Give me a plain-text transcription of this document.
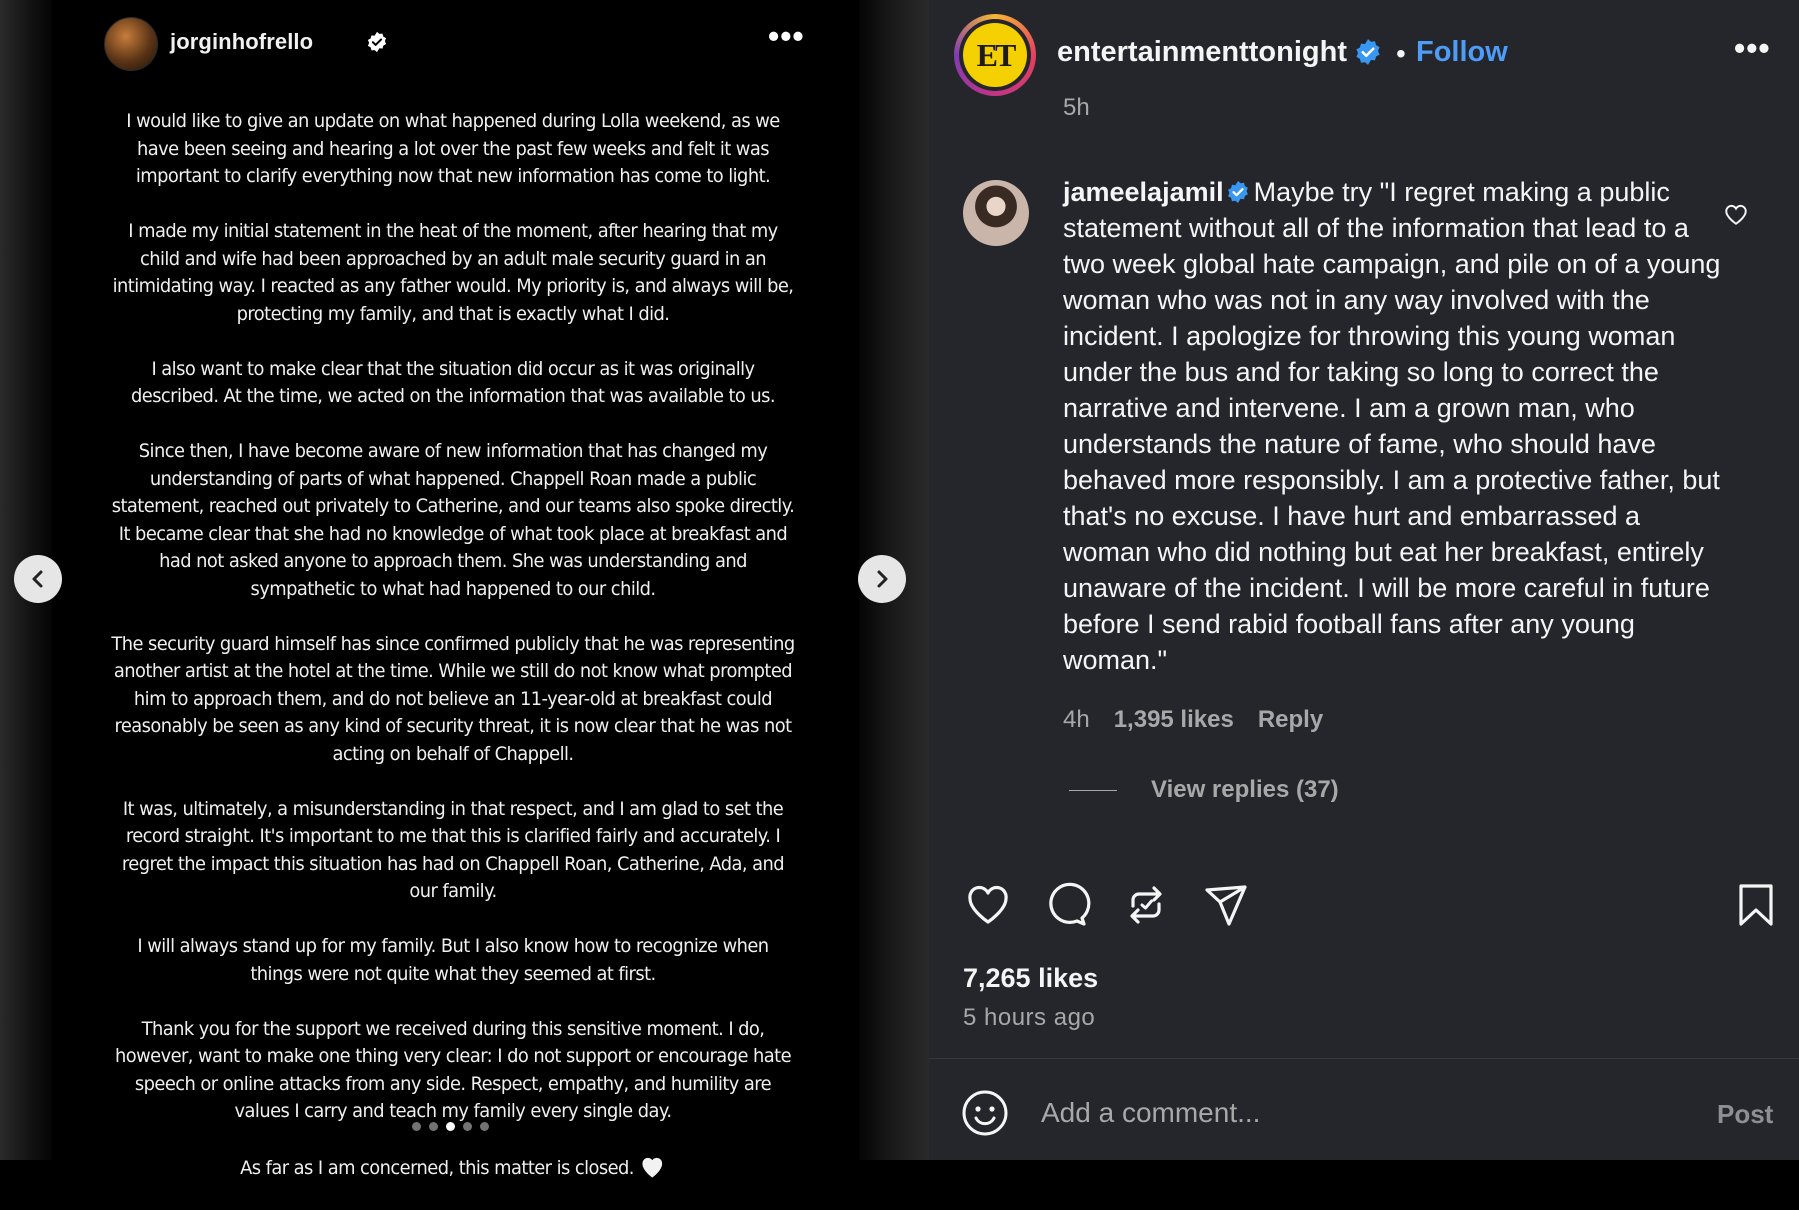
jorginhofrello	•••

I would like to give an update on what happened during Lolla weekend, as we have been seeing and hearing a lot over the past few weeks and felt it was important to clarify everything now that new information has come to light.

I made my initial statement in the heat of the moment, after hearing that my child and wife had been approached by an adult male security guard in an intimidating way. I reacted as any father would. My priority is, and always will be, protecting my family, and that is exactly what I did.

I also want to make clear that the situation did occur as it was originally described. At the time, we acted on the information that was available to us.

Since then, I have become aware of new information that has changed my understanding of parts of what happened. Chappell Roan made a public statement, reached out privately to Catherine, and our teams also spoke directly. It became clear that she had no knowledge of what took place at breakfast and had not asked anyone to approach them. She was understanding and sympathetic to what had happened to our child.

The security guard himself has since confirmed publicly that he was representing another artist at the hotel at the time. While we still do not know what prompted him to approach them, and do not believe an 11-year-old at breakfast could reasonably be seen as any kind of security threat, it is now clear that he was not acting on behalf of Chappell.

It was, ultimately, a misunderstanding in that respect, and I am glad to set the record straight. It's important to me that this is clarified fairly and accurately. I regret the impact this situation has had on Chappell Roan, Catherine, Ada, and our family.

I will always stand up for my family. But I also know how to recognize when things were not quite what they seemed at first.

Thank you for the support we received during this sensitive moment. I do, however, want to make one thing very clear: I do not support or encourage hate speech or online attacks from any side. Respect, empathy, and humility are values I carry and teach my family every single day.

As far as I am concerned, this matter is closed.

ET	entertainmenttonight • Follow	•••
5h
jameelajamil Maybe try "I regret making a public statement without all of the information that lead to a two week global hate campaign, and pile on of a young woman who was not in any way involved with the incident. I apologize for throwing this young woman under the bus and for taking so long to correct the narrative and intervene. I am a grown man, who understands the nature of fame, who should have behaved more responsibly. I am a protective father, but that's no excuse. I have hurt and embarrassed a woman who did nothing but eat her breakfast, entirely unaware of the incident. I will be more careful in future before I send rabid football fans after any young woman."
4h 1,395 likes Reply
View replies (37)
7,265 likes
5 hours ago
Add a comment...
Post
